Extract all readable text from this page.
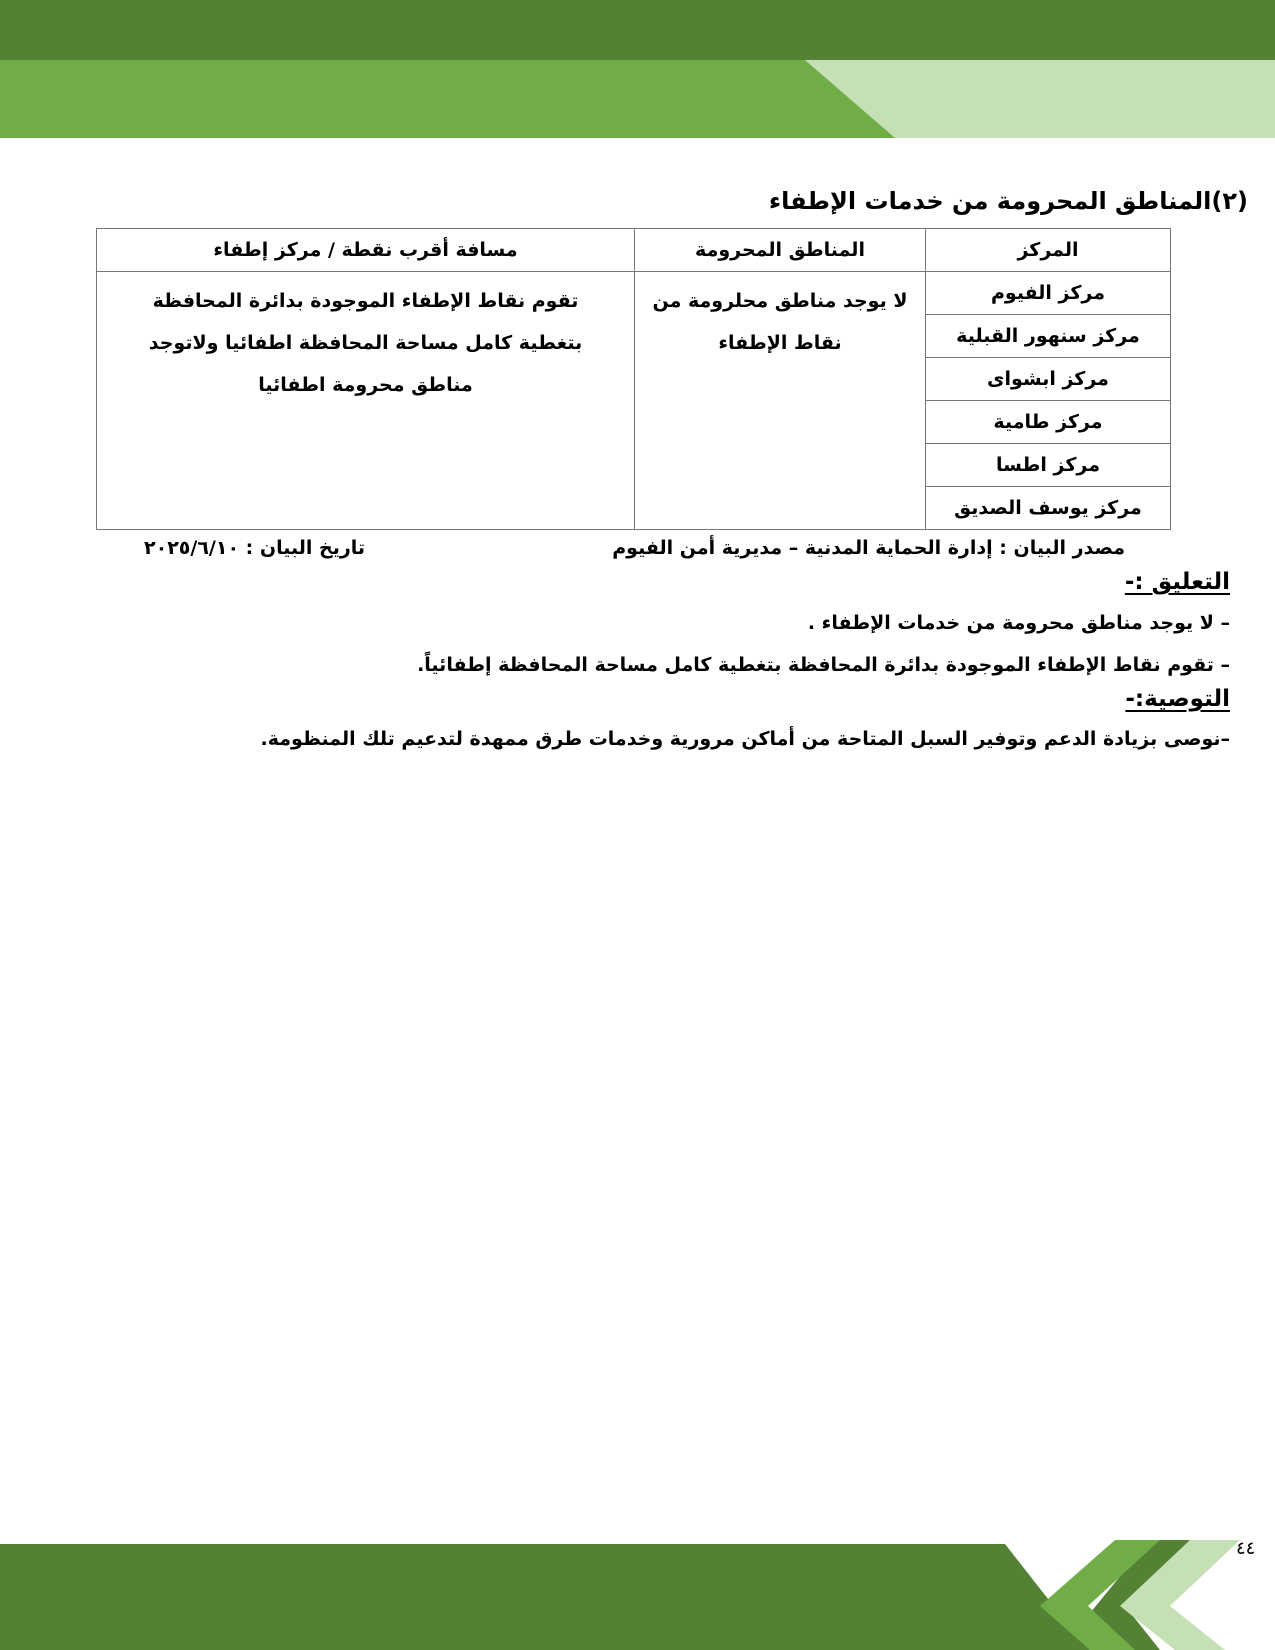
(٢)المناطق المحرومة من خدمات الإطفاء
المركز	المناطق المحرومة	مسافة أقرب نقطة / مركز إطفاء
مركز الفيوم	لا يوجد مناطق محلرومة من نقاط الإطفاء	تقوم نقاط الإطفاء الموجودة بدائرة المحافظة بتغطية كامل مساحة المحافظة اطفائيا ولاتوجد مناطق محرومة اطفائيا
مركز سنهور القبلية		
مركز ابشواى		
مركز طامية		
مركز اطسا		
مركز يوسف الصديق		
مصدر البيان : إدارة الحماية المدنية – مديرية أمن الفيوم
تاريخ البيان : ٢٠٢٥/٦/١٠
التعليق :-
– لا يوجد مناطق محرومة من خدمات الإطفاء .
– تقوم نقاط الإطفاء الموجودة بدائرة المحافظة بتغطية كامل مساحة المحافظة إطفائياً.
التوصية:-
–نوصى بزيادة الدعم وتوفير السبل المتاحة من أماكن مرورية وخدمات طرق ممهدة لتدعيم تلك المنظومة.
٤٤
